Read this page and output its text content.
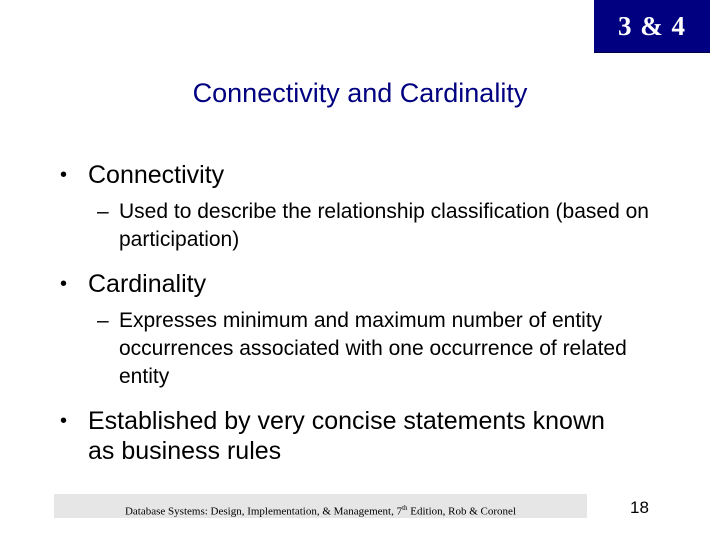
3 & 4
Connectivity and Cardinality
• Connectivity
– Used to describe the relationship classification (based on participation)
• Cardinality
– Expresses minimum and maximum number of entity occurrences associated with one occurrence of related entity
• Established by very concise statements known as business rules
Database Systems: Design, Implementation, & Management, 7th Edition, Rob & Coronel	18
